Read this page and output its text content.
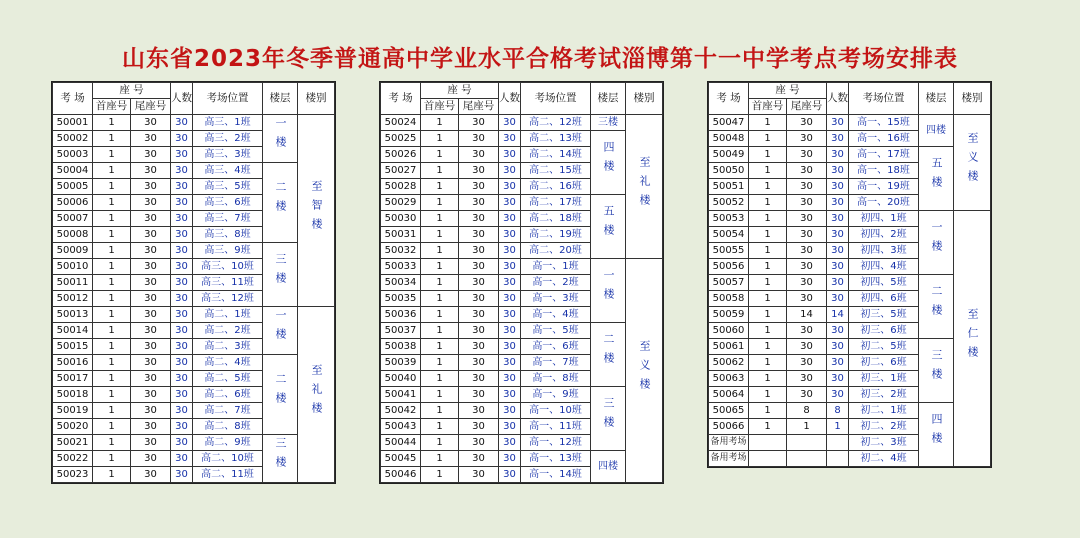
山东省2023年冬季普通高中学业水平合格考试淄博第十一中学考点考场安排表
考 场	座 号		人数	考场位置	楼层	楼别
	首座号	尾座号				
50001	1	30	30	高三、1班	一楼	至智楼
50002	1	30	30	高三、2班		
50003	1	30	30	高三、3班		
50004	1	30	30	高三、4班	二楼	
50005	1	30	30	高三、5班		
50006	1	30	30	高三、6班		
50007	1	30	30	高三、7班		
50008	1	30	30	高三、8班		
50009	1	30	30	高三、9班	三楼	
50010	1	30	30	高三、10班		
50011	1	30	30	高三、11班		
50012	1	30	30	高三、12班		
50013	1	30	30	高二、1班	一楼	至礼楼
50014	1	30	30	高二、2班		
50015	1	30	30	高二、3班		
50016	1	30	30	高二、4班	二楼	
50017	1	30	30	高二、5班		
50018	1	30	30	高二、6班		
50019	1	30	30	高二、7班		
50020	1	30	30	高二、8班		
50021	1	30	30	高二、9班	三楼	
50022	1	30	30	高二、10班		
50023	1	30	30	高二、11班		
考 场	座 号		人数	考场位置	楼层	楼别
	首座号	尾座号				
50024	1	30	30	高二、12班	三楼	至礼楼
50025	1	30	30	高二、13班	四楼	
50026	1	30	30	高二、14班		
50027	1	30	30	高二、15班		
50028	1	30	30	高二、16班		
50029	1	30	30	高二、17班	五楼	
50030	1	30	30	高二、18班		
50031	1	30	30	高二、19班		
50032	1	30	30	高二、20班		
50033	1	30	30	高一、1班	一楼	至义楼
50034	1	30	30	高一、2班		
50035	1	30	30	高一、3班		
50036	1	30	30	高一、4班		
50037	1	30	30	高一、5班	二楼	
50038	1	30	30	高一、6班		
50039	1	30	30	高一、7班		
50040	1	30	30	高一、8班		
50041	1	30	30	高一、9班	三楼	
50042	1	30	30	高一、10班		
50043	1	30	30	高一、11班		
50044	1	30	30	高一、12班		
50045	1	30	30	高一、13班	四楼	
50046	1	30	30	高一、14班		
考 场	座 号		人数	考场位置	楼层	楼别
	首座号	尾座号				
50047	1	30	30	高一、15班	四楼	至义楼
50048	1	30	30	高一、16班		
50049	1	30	30	高一、17班	五楼	
50050	1	30	30	高一、18班		
50051	1	30	30	高一、19班		
50052	1	30	30	高一、20班		
50053	1	30	30	初四、1班	一楼	至仁楼
50054	1	30	30	初四、2班		
50055	1	30	30	初四、3班		
50056	1	30	30	初四、4班		
50057	1	30	30	初四、5班	二楼	
50058	1	30	30	初四、6班		
50059	1	14	14	初三、5班		
50060	1	30	30	初三、6班		
50061	1	30	30	初二、5班	三楼	
50062	1	30	30	初二、6班		
50063	1	30	30	初三、1班		
50064	1	30	30	初三、2班		
50065	1	8	8	初二、1班	四楼	
50066	1	1	1	初二、2班		
备用考场				初二、3班		
备用考场				初二、4班		
